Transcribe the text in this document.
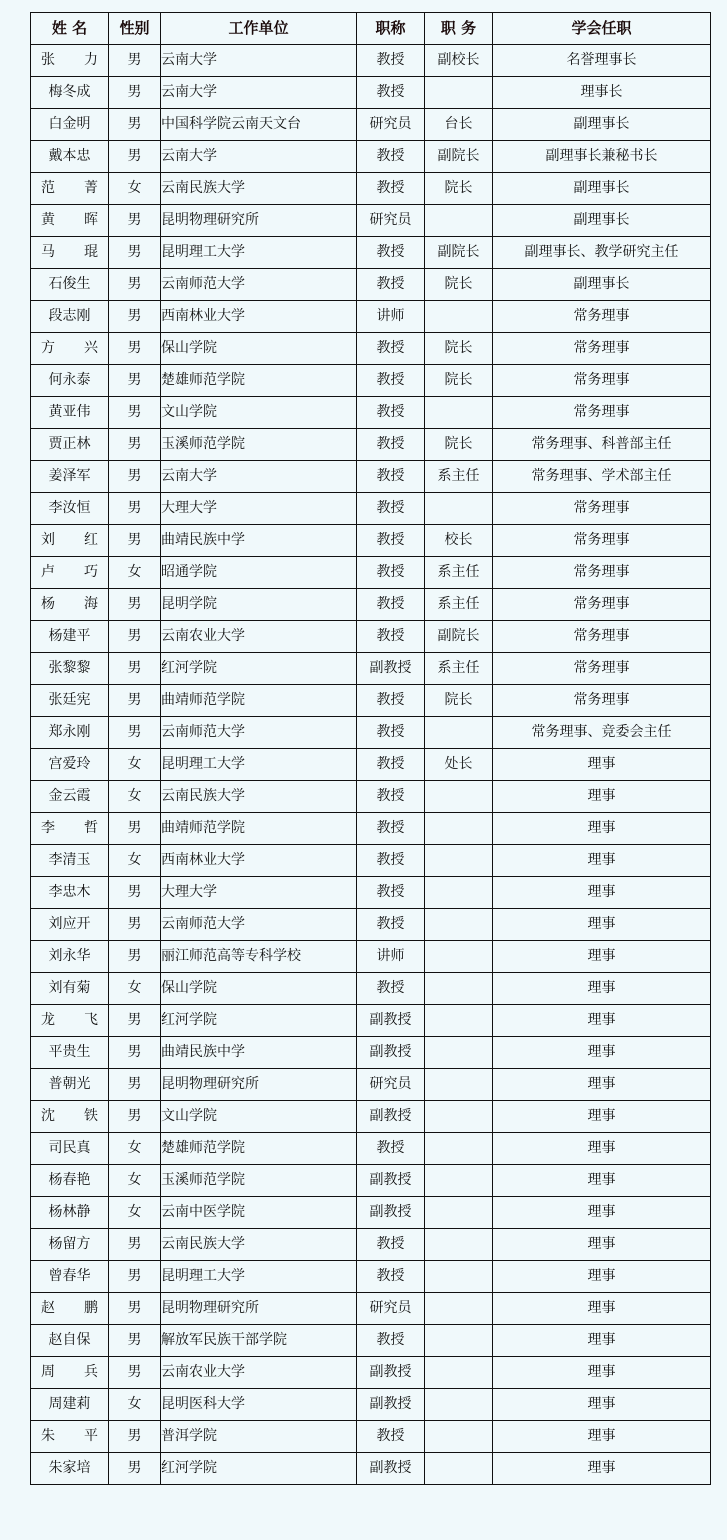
姓 名	性别	工作单位	职称	职 务	学会任职
张 力	男	云南大学	教授	副校长	名誉理事长
梅冬成	男	云南大学	教授		理事长
白金明	男	中国科学院云南天文台	研究员	台长	副理事长
戴本忠	男	云南大学	教授	副院长	副理事长兼秘书长
范 菁	女	云南民族大学	教授	院长	副理事长
黄 晖	男	昆明物理研究所	研究员		副理事长
马 琨	男	昆明理工大学	教授	副院长	副理事长、教学研究主任
石俊生	男	云南师范大学	教授	院长	副理事长
段志刚	男	西南林业大学	讲师		常务理事
方 兴	男	保山学院	教授	院长	常务理事
何永泰	男	楚雄师范学院	教授	院长	常务理事
黄亚伟	男	文山学院	教授		常务理事
贾正林	男	玉溪师范学院	教授	院长	常务理事、科普部主任
姜泽军	男	云南大学	教授	系主任	常务理事、学术部主任
李汝恒	男	大理大学	教授		常务理事
刘 红	男	曲靖民族中学	教授	校长	常务理事
卢 巧	女	昭通学院	教授	系主任	常务理事
杨 海	男	昆明学院	教授	系主任	常务理事
杨建平	男	云南农业大学	教授	副院长	常务理事
张黎黎	男	红河学院	副教授	系主任	常务理事
张廷宪	男	曲靖师范学院	教授	院长	常务理事
郑永刚	男	云南师范大学	教授		常务理事、竞委会主任
宫爱玲	女	昆明理工大学	教授	处长	理事
金云霞	女	云南民族大学	教授		理事
李 哲	男	曲靖师范学院	教授		理事
李清玉	女	西南林业大学	教授		理事
李忠木	男	大理大学	教授		理事
刘应开	男	云南师范大学	教授		理事
刘永华	男	丽江师范高等专科学校	讲师		理事
刘有菊	女	保山学院	教授		理事
龙 飞	男	红河学院	副教授		理事
平贵生	男	曲靖民族中学	副教授		理事
普朝光	男	昆明物理研究所	研究员		理事
沈 铁	男	文山学院	副教授		理事
司民真	女	楚雄师范学院	教授		理事
杨春艳	女	玉溪师范学院	副教授		理事
杨林静	女	云南中医学院	副教授		理事
杨留方	男	云南民族大学	教授		理事
曾春华	男	昆明理工大学	教授		理事
赵 鹏	男	昆明物理研究所	研究员		理事
赵自保	男	解放军民族干部学院	教授		理事
周 兵	男	云南农业大学	副教授		理事
周建莉	女	昆明医科大学	副教授		理事
朱 平	男	普洱学院	教授		理事
朱家培	男	红河学院	副教授		理事
